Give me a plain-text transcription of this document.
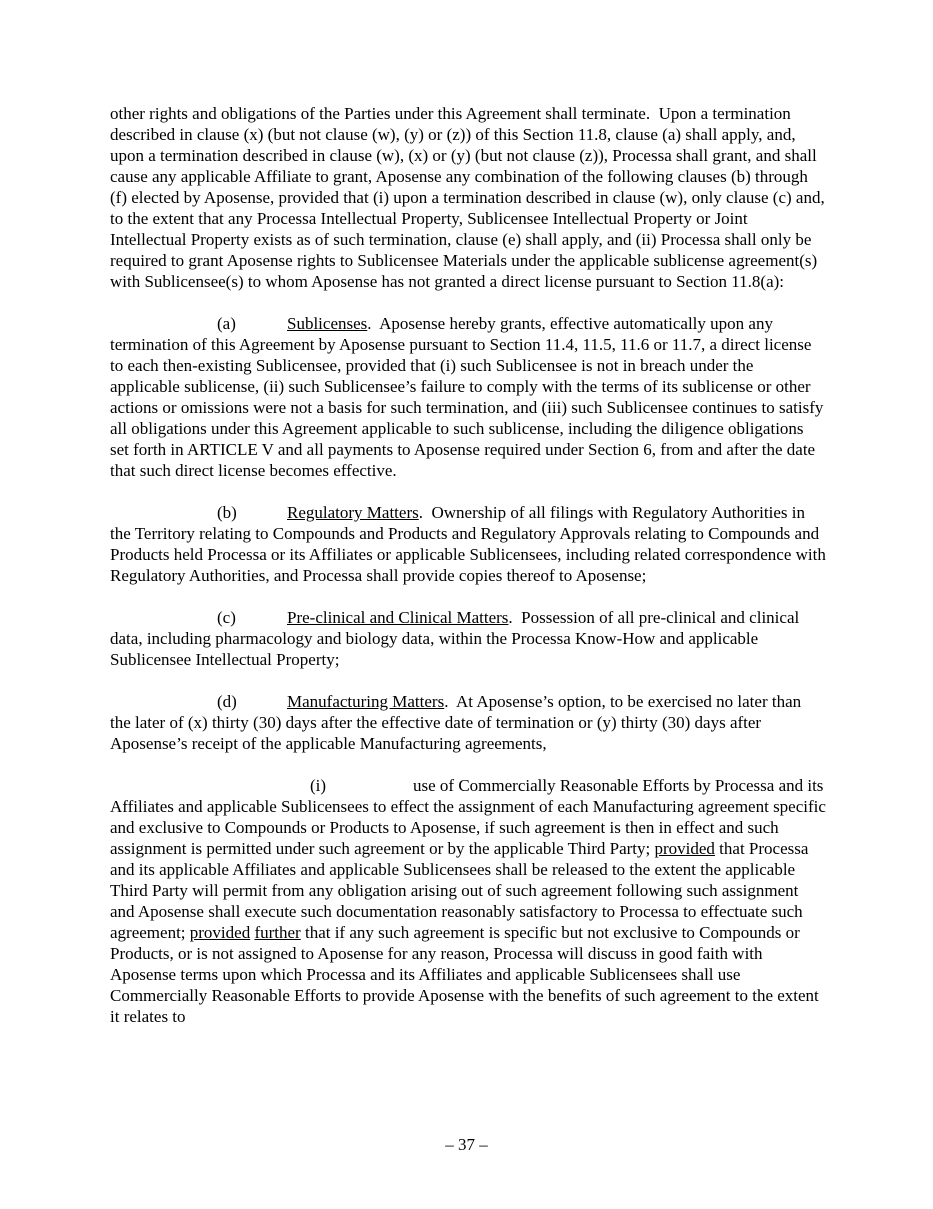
other rights and obligations of the Parties under this Agreement shall terminate.  Upon a termination described in clause (x) (but not clause (w), (y) or (z)) of this Section 11.8, clause (a) shall apply, and, upon a termination described in clause (w), (x) or (y) (but not clause (z)), Processa shall grant, and shall cause any applicable Affiliate to grant, Aposense any combination of the following clauses (b) through (f) elected by Aposense, provided that (i) upon a termination described in clause (w), only clause (c) and, to the extent that any Processa Intellectual Property, Sublicensee Intellectual Property or Joint Intellectual Property exists as of such termination, clause (e) shall apply, and (ii) Processa shall only be required to grant Aposense rights to Sublicensee Materials under the applicable sublicense agreement(s) with Sublicensee(s) to whom Aposense has not granted a direct license pursuant to Section 11.8(a):

(a)	Sublicenses.  Aposense hereby grants, effective automatically upon any termination of this Agreement by Aposense pursuant to Section 11.4, 11.5, 11.6 or 11.7, a direct license to each then-existing Sublicensee, provided that (i) such Sublicensee is not in breach under the applicable sublicense, (ii) such Sublicensee’s failure to comply with the terms of its sublicense or other actions or omissions were not a basis for such termination, and (iii) such Sublicensee continues to satisfy all obligations under this Agreement applicable to such sublicense, including the diligence obligations set forth in ARTICLE V and all payments to Aposense required under Section 6, from and after the date that such direct license becomes effective.

(b)	Regulatory Matters.  Ownership of all filings with Regulatory Authorities in the Territory relating to Compounds and Products and Regulatory Approvals relating to Compounds and Products held Processa or its Affiliates or applicable Sublicensees, including related correspondence with Regulatory Authorities, and Processa shall provide copies thereof to Aposense;

(c)	Pre-clinical and Clinical Matters.  Possession of all pre-clinical and clinical data, including pharmacology and biology data, within the Processa Know-How and applicable Sublicensee Intellectual Property;

(d)	Manufacturing Matters.  At Aposense’s option, to be exercised no later than the later of (x) thirty (30) days after the effective date of termination or (y) thirty (30) days after Aposense’s receipt of the applicable Manufacturing agreements,

(i)	use of Commercially Reasonable Efforts by Processa and its Affiliates and applicable Sublicensees to effect the assignment of each Manufacturing agreement specific and exclusive to Compounds or Products to Aposense, if such agreement is then in effect and such assignment is permitted under such agreement or by the applicable Third Party; provided that Processa and its applicable Affiliates and applicable Sublicensees shall be released to the extent the applicable Third Party will permit from any obligation arising out of such agreement following such assignment and Aposense shall execute such documentation reasonably satisfactory to Processa to effectuate such agreement; provided further that if any such agreement is specific but not exclusive to Compounds or Products, or is not assigned to Aposense for any reason, Processa will discuss in good faith with Aposense terms upon which Processa and its Affiliates and applicable Sublicensees shall use Commercially Reasonable Efforts to provide Aposense with the benefits of such agreement to the extent it relates to

– 37 –
